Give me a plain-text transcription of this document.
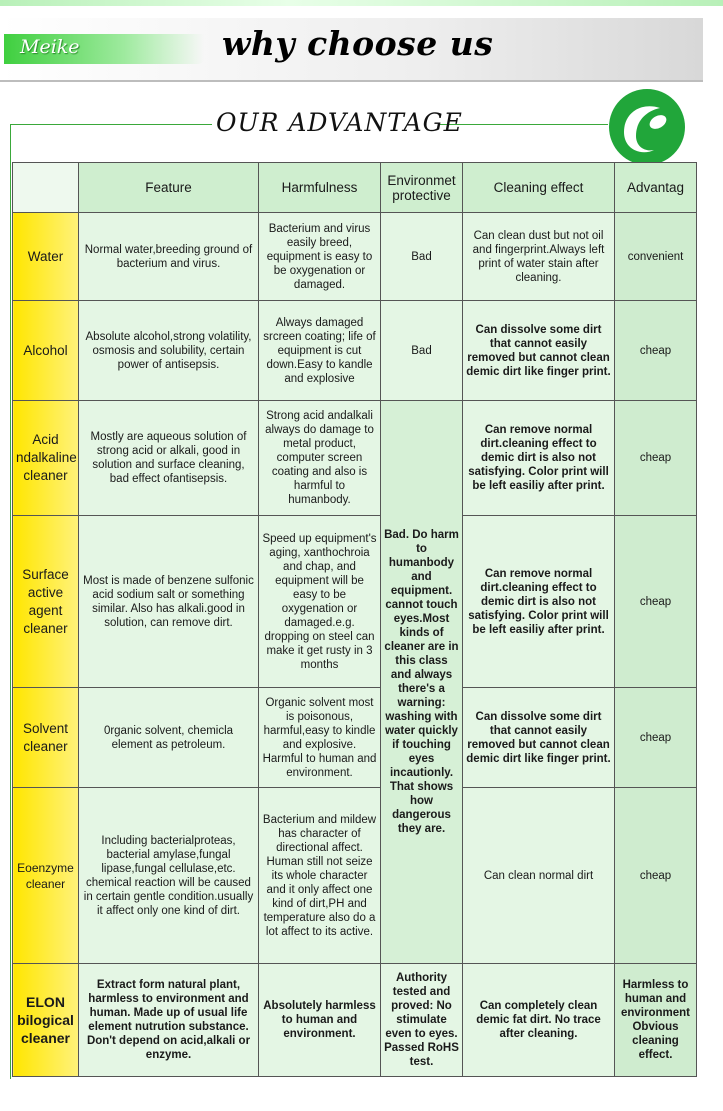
Meike	why choose us
OUR ADVANTAGE
	Feature	Harmfulness	Environmet protective	Cleaning effect	Advantag
Water	Normal water,breeding ground of bacterium and virus.	Bacterium and virus easily breed, equipment is easy to be oxygenation or damaged.	Bad	Can clean dust but not oil and fingerprint.Always left print of water stain after cleaning.	convenient
Alcohol	Absolute alcohol,strong volatility, osmosis and solubility, certain power of antisepsis.	Always damaged srcreen coating; life of equipment is cut down.Easy to kandle and explosive	Bad	Can dissolve some dirt that cannot easily removed but cannot clean demic dirt like finger print.	cheap
Acid ndalkaline cleaner	Mostly are aqueous solution of strong acid or alkali, good in solution and surface cleaning, bad effect ofantisepsis.	Strong acid andalkali always do damage to metal product, computer screen coating and also is harmful to humanbody.	Bad. Do harm to humanbody and equipment. cannot touch eyes.Most kinds of cleaner are in this class and always there's a warning: washing with water quickly if touching eyes incautionly. That shows how dangerous they are.	Can remove normal dirt.cleaning effect to demic dirt is also not satisfying. Color print will be left easiliy after print.	cheap
Surface active agent cleaner	Most is made of benzene sulfonic acid sodium salt or something similar. Also has alkali.good in solution, can remove dirt.	Speed up equipment's aging, xanthochroia and chap, and equipment will be easy to be oxygenation or damaged.e.g. dropping on steel can make it get rusty in 3 months		Can remove normal dirt.cleaning effect to demic dirt is also not satisfying. Color print will be left easiliy after print.	cheap
Solvent cleaner	0rganic solvent, chemicla element as petroleum.	Organic solvent most is poisonous, harmful,easy to kindle and explosive. Harmful to human and environment.		Can dissolve some dirt that cannot easily removed but cannot clean demic dirt like finger print.	cheap
Eoenzyme cleaner	Including bacterialproteas, bacterial amylase,fungal lipase,fungal cellulase,etc. chemical reaction will be caused in certain gentle condition.usually it affect only one kind of dirt.	Bacterium and mildew has character of directional affect. Human still not seize its whole character and it only affect one kind of dirt,PH and temperature also do a lot affect to its active.		Can clean normal dirt	cheap
ELON bilogical cleaner	Extract form natural plant, harmless to environment and human. Made up of usual life element nutrution substance. Don't depend on acid,alkali or enzyme.	Absolutely harmless to human and environment.	Authority tested and proved: No stimulate even to eyes. Passed RoHS test.	Can completely clean demic fat dirt. No trace after cleaning.	Harmless to human and environment Obvious cleaning effect.
